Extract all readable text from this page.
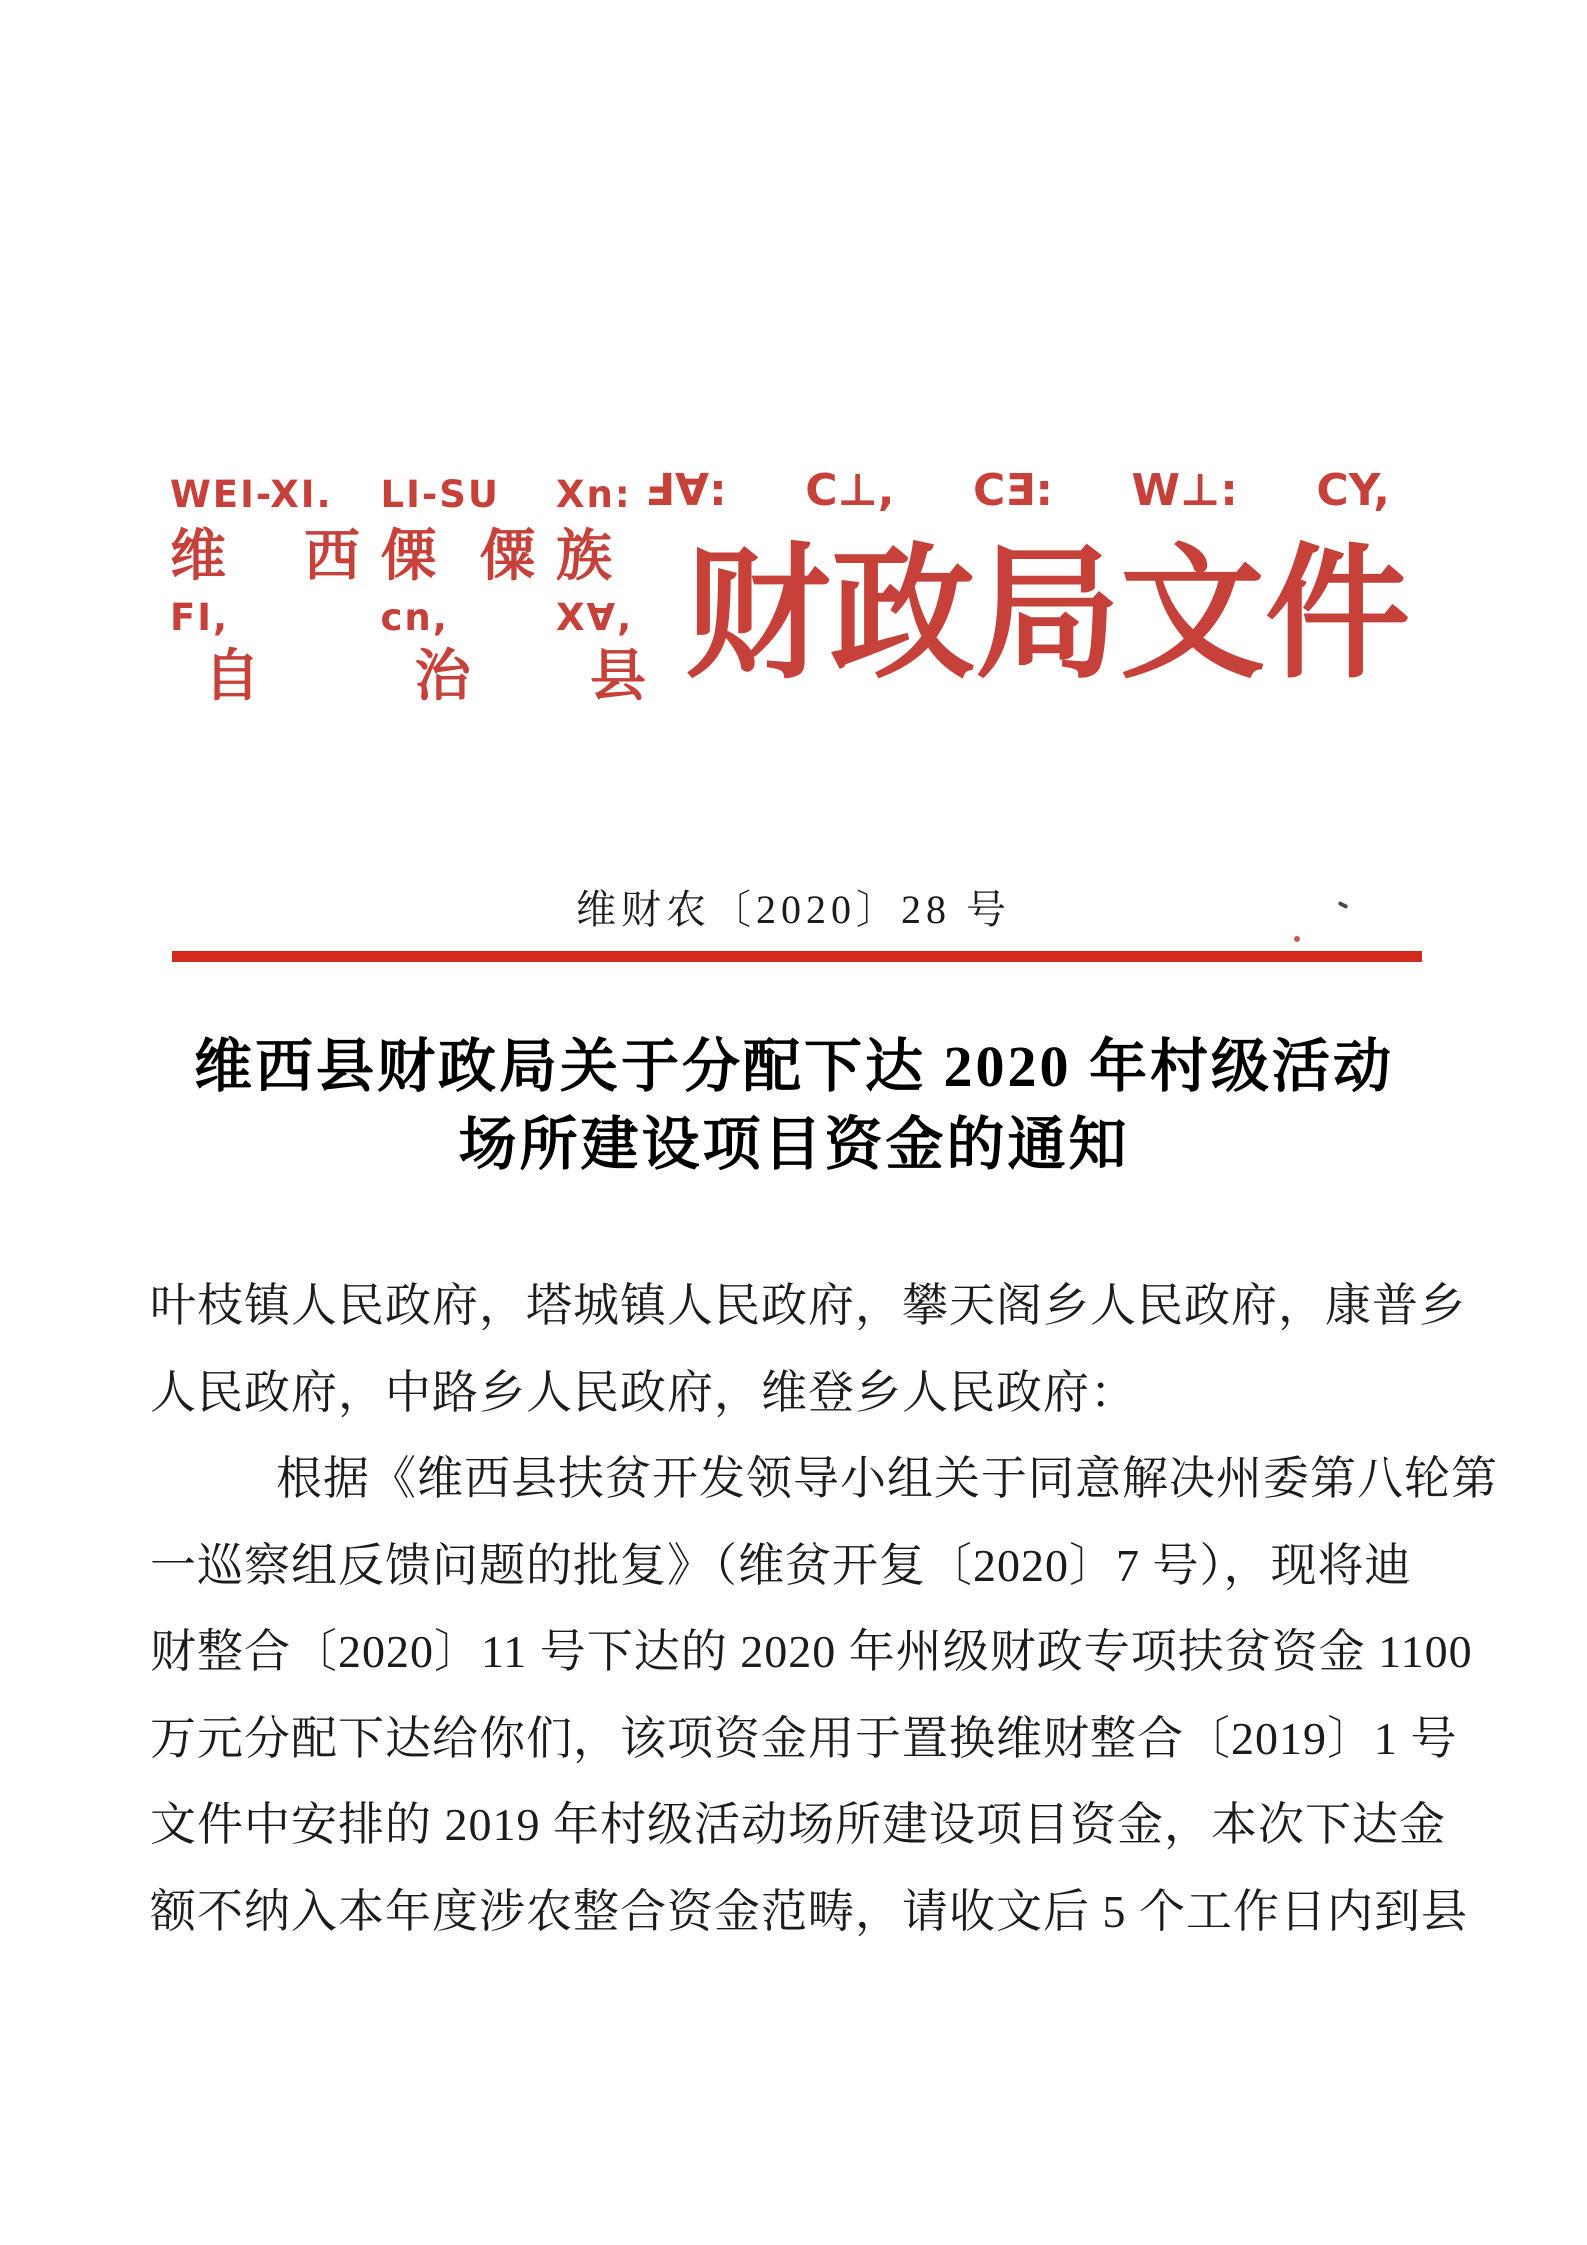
WEI-XI.
维 西
FI,
自
LI-SU
傈 僳
cn,
治
Xn:
族
X∀,
县
Ⅎ∀: C⊥, CƎ: W⊥: CY,
财 政 局 文 件
维财农〔2020〕28 号
维西县财政局关于分配下达 2020 年村级活动
场所建设项目资金的通知
叶枝镇人民政府，塔城镇人民政府，攀天阁乡人民政府，康普乡
人民政府，中路乡人民政府，维登乡人民政府：
根据《维西县扶贫开发领导小组关于同意解决州委第八轮第
一巡察组反馈问题的批复》（维贫开复〔2020〕7 号），现将迪
财整合〔2020〕11 号下达的 2020 年州级财政专项扶贫资金 1100
万元分配下达给你们，该项资金用于置换维财整合〔2019〕1 号
文件中安排的 2019 年村级活动场所建设项目资金，本次下达金
额不纳入本年度涉农整合资金范畴，请收文后 5 个工作日内到县
